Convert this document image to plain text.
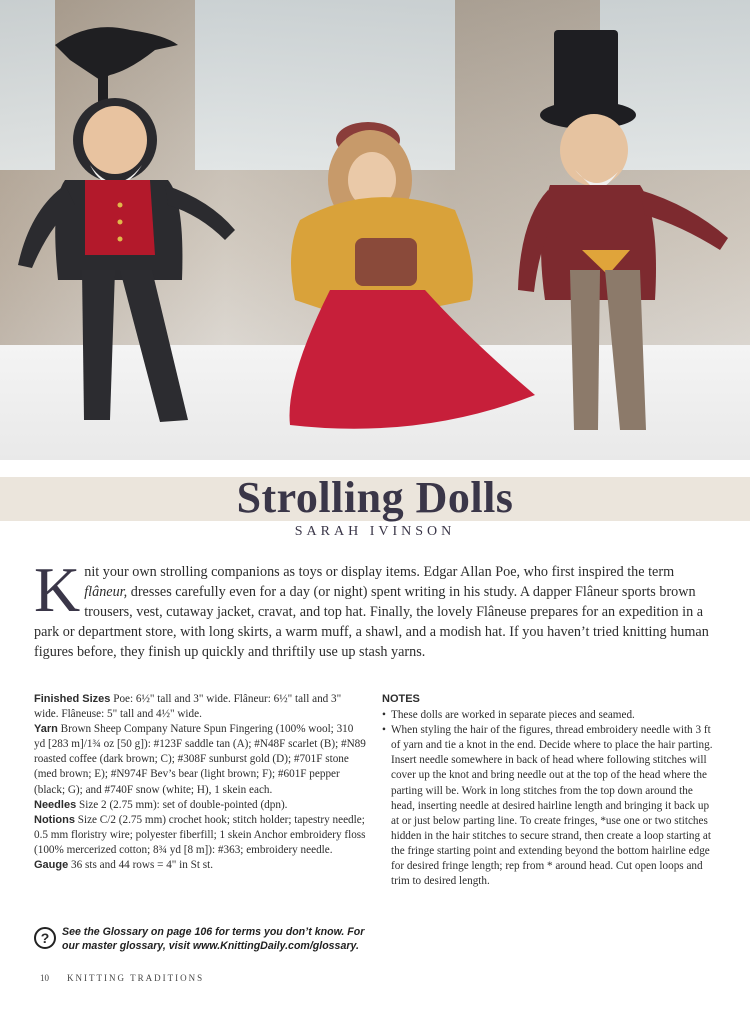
Strolling Dolls
SARAH IVINSON

Knit your own strolling companions as toys or display items. Edgar Allan Poe, who first inspired the term flâneur, dresses carefully even for a day (or night) spent writing in his study. A dapper Flâneur sports brown trousers, vest, cutaway jacket, cravat, and top hat. Finally, the lovely Flâneuse prepares for an expedition in a park or department store, with long skirts, a warm muff, a shawl, and a modish hat. If you haven’t tried knitting human figures before, they finish up quickly and thriftily use up stash yarns.

Finished Sizes Poe: 6½" tall and 3" wide. Flâneur: 6½" tall and 3" wide. Flâneuse: 5" tall and 4½" wide.

Yarn Brown Sheep Company Nature Spun Fingering (100% wool; 310 yd [283 m]/1¾ oz [50 g]): #123F saddle tan (A); #N48F scarlet (B); #N89 roasted coffee (dark brown; C); #308F sunburst gold (D); #701F stone (med brown; E); #N974F Bev’s bear (light brown; F); #601F pepper (black; G); and #740F snow (white; H), 1 skein each.

Needles Size 2 (2.75 mm): set of double-pointed (dpn).

Notions Size C/2 (2.75 mm) crochet hook; stitch holder; tapestry needle; 0.5 mm floristry wire; polyester fiberfill; 1 skein Anchor embroidery floss (100% mercerized cotton; 8¾ yd [8 m]): #363; embroidery needle.

Gauge 36 sts and 44 rows = 4" in St st.

?	See the Glossary on page 106 for terms you don’t know. For our master glossary, visit www.KnittingDaily.com/glossary.
NOTES
• These dolls are worked in separate pieces and seamed.
• When styling the hair of the figures, thread embroidery needle with 3 ft of yarn and tie a knot in the end. Decide where to place the hair parting. Insert needle somewhere in back of head where following stitches will cover up the knot and bring needle out at the top of the head where the parting will be. Work in long stitches from the top down around the head, inserting needle at desired hairline length and bringing it back up at or just below parting line. To create fringes, *use one or two stitches hidden in the hair stitches to secure strand, then create a loop starting at the fringe starting point and extending beyond the bottom hairline edge for desired fringe length; rep from * around head. Cut open loops and trim to desired length.
10 KNITTING TRADITIONS
